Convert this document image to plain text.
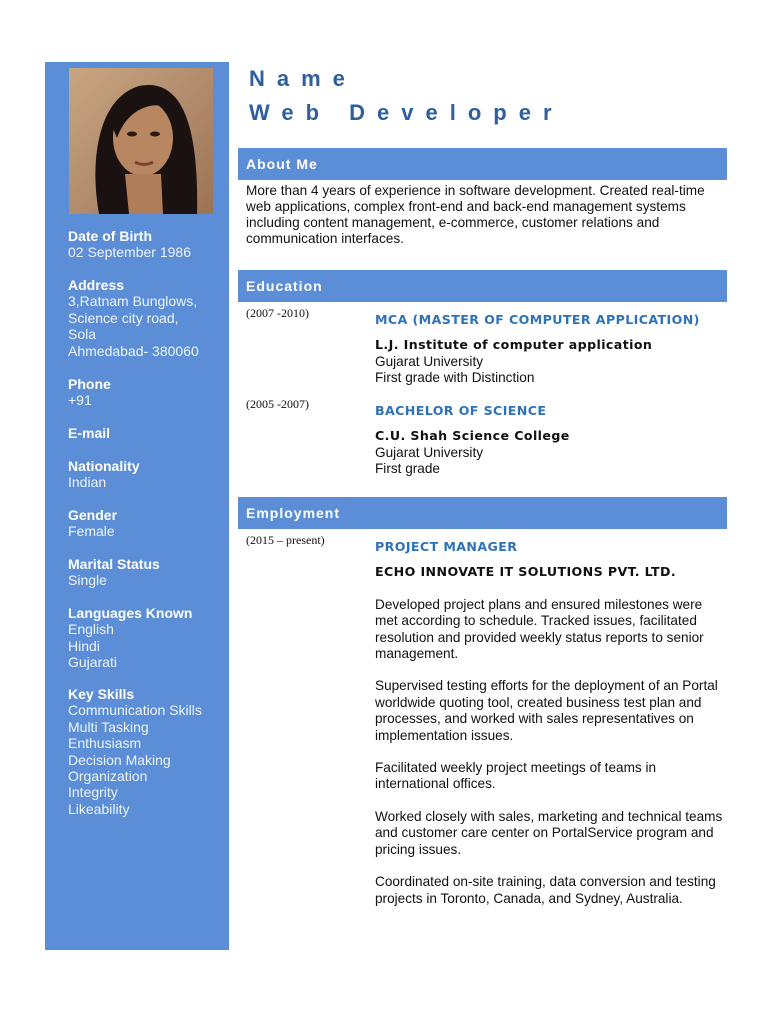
Date of Birth
02 September 1986
Address
3,Ratnam Bunglows,
Science city road,
Sola
Ahmedabad- 380060
Phone
+91
E-mail
Nationality
Indian
Gender
Female
Marital Status
Single
Languages Known
English
Hindi
Gujarati
Key Skills
Communication Skills
Multi Tasking
Enthusiasm
Decision Making
Organization
Integrity
Likeability
Name
Web Developer
About Me
More than 4 years of experience in software development. Created real-time web applications, complex front-end and back-end management systems including content management, e-commerce, customer relations and communication interfaces.
Education
(2007 -2010)	MCA (MASTER OF COMPUTER APPLICATION)
L.J. Institute of computer application
Gujarat University
First grade with Distinction
(2005 -2007)	BACHELOR OF SCIENCE
C.U. Shah Science College
Gujarat University
First grade
Employment
(2015 – present)	PROJECT MANAGER
ECHO INNOVATE IT SOLUTIONS PVT. LTD.
Developed project plans and ensured milestones were met according to schedule. Tracked issues, facilitated resolution and provided weekly status reports to senior management.
Supervised testing efforts for the deployment of an Portal worldwide quoting tool, created business test plan and processes, and worked with sales representatives on implementation issues.
Facilitated weekly project meetings of teams in international offices.
Worked closely with sales, marketing and technical teams and customer care center on PortalService program and pricing issues.
Coordinated on-site training, data conversion and testing projects in Toronto, Canada, and Sydney, Australia.
